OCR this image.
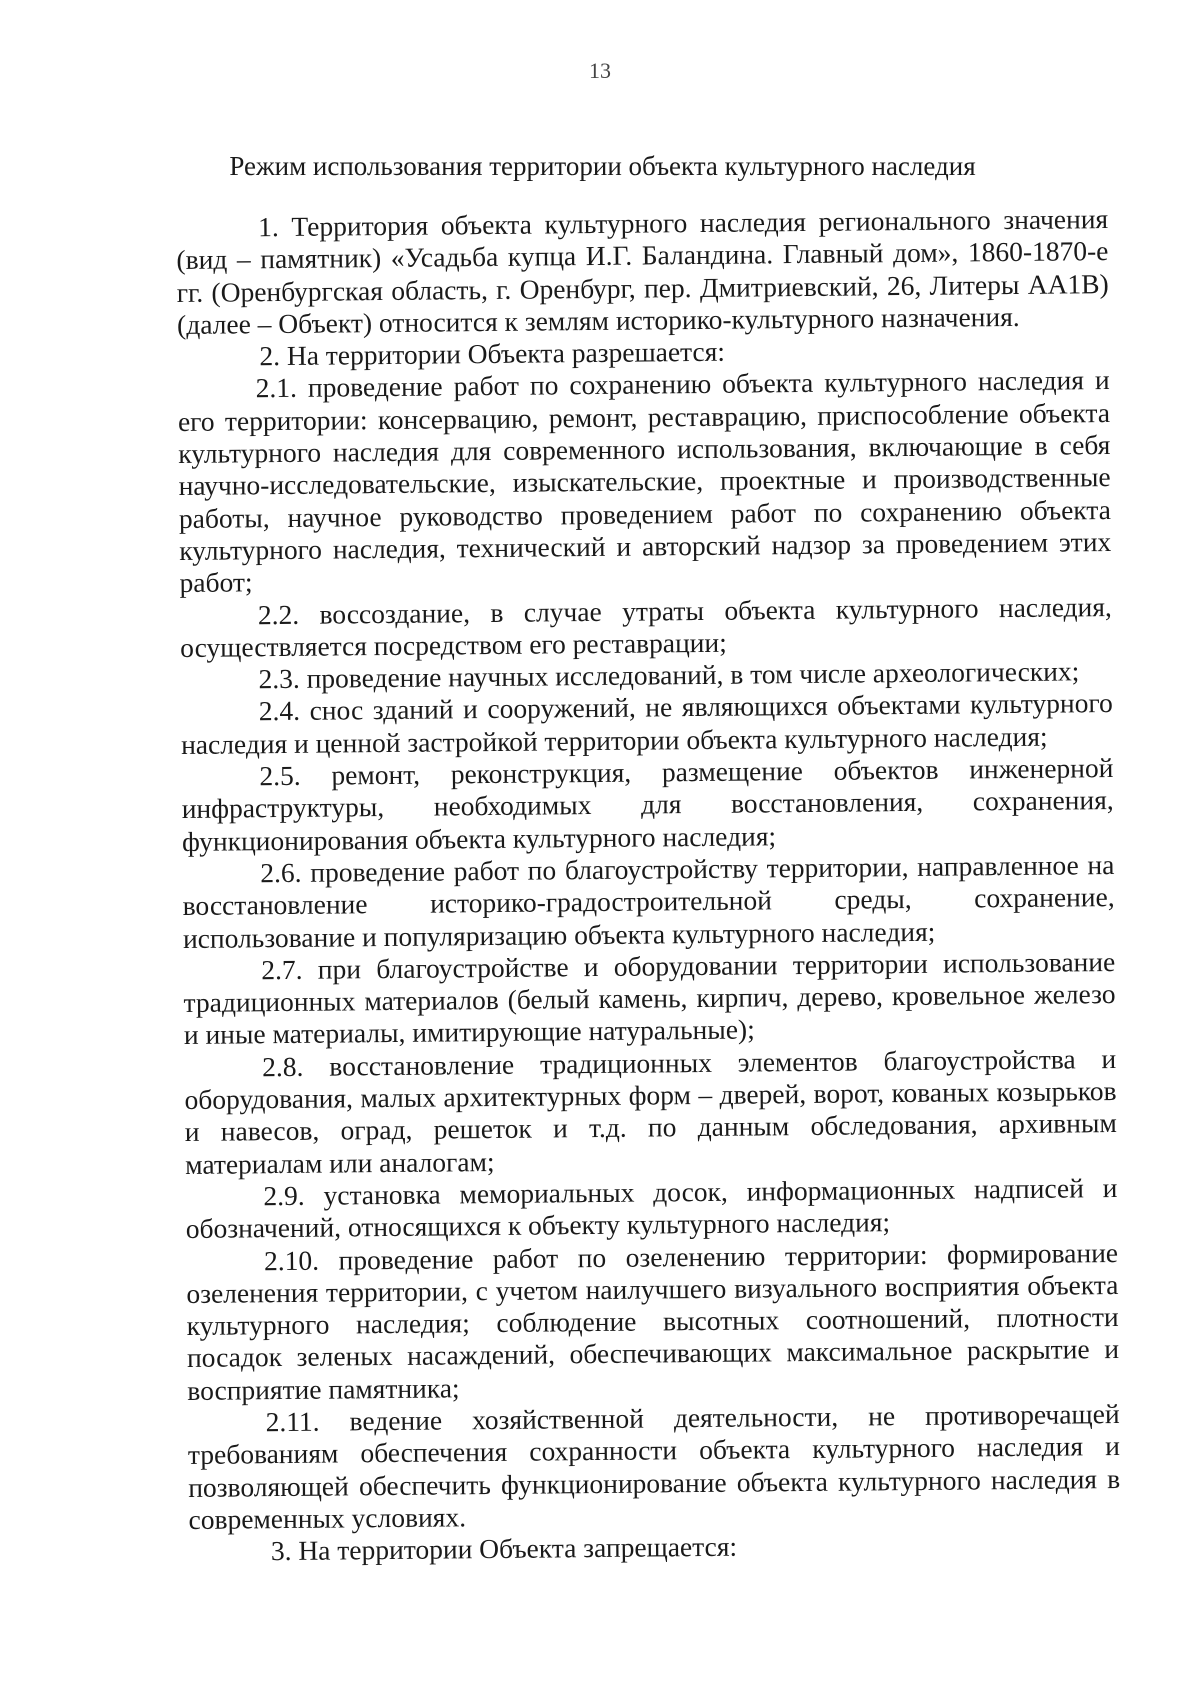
13
Режим использования территории объекта культурного наследия

1. Территория объекта культурного наследия регионального значения (вид – памятник) «Усадьба купца И.Г. Баландина. Главный дом», 1860-1870-е гг. (Оренбургская область, г. Оренбург, пер. Дмитриевский, 26, Литеры АА1В) (далее – Объект) относится к землям историко-культурного назначения.

2. На территории Объекта разрешается:

2.1. проведение работ по сохранению объекта культурного наследия и его территории: консервацию, ремонт, реставрацию, приспособление объекта культурного наследия для современного использования, включающие в себя научно-исследовательские, изыскательские, проектные и производственные работы, научное руководство проведением работ по сохранению объекта культурного наследия, технический и авторский надзор за проведением этих работ;

2.2. воссоздание, в случае утраты объекта культурного наследия, осуществляется посредством его реставрации;

2.3. проведение научных исследований, в том числе археологических;

2.4. снос зданий и сооружений, не являющихся объектами культурного наследия и ценной застройкой территории объекта культурного наследия;

2.5. ремонт, реконструкция, размещение объектов инженерной инфраструктуры, необходимых для восстановления, сохранения, функционирования объекта культурного наследия;

2.6. проведение работ по благоустройству территории, направленное на восстановление историко-градостроительной среды, сохранение, использование и популяризацию объекта культурного наследия;

2.7. при благоустройстве и оборудовании территории использование традиционных материалов (белый камень, кирпич, дерево, кровельное железо и иные материалы, имитирующие натуральные);

2.8. восстановление традиционных элементов благоустройства и оборудования, малых архитектурных форм – дверей, ворот, кованых козырьков и навесов, оград, решеток и т.д. по данным обследования, архивным материалам или аналогам;

2.9. установка мемориальных досок, информационных надписей и обозначений, относящихся к объекту культурного наследия;

2.10. проведение работ по озеленению территории: формирование озеленения территории, с учетом наилучшего визуального восприятия объекта культурного наследия; соблюдение высотных соотношений, плотности посадок зеленых насаждений, обеспечивающих максимальное раскрытие и восприятие памятника;

2.11. ведение хозяйственной деятельности, не противоречащей требованиям обеспечения сохранности объекта культурного наследия и позволяющей обеспечить функционирование объекта культурного наследия в современных условиях.

3. На территории Объекта запрещается:
